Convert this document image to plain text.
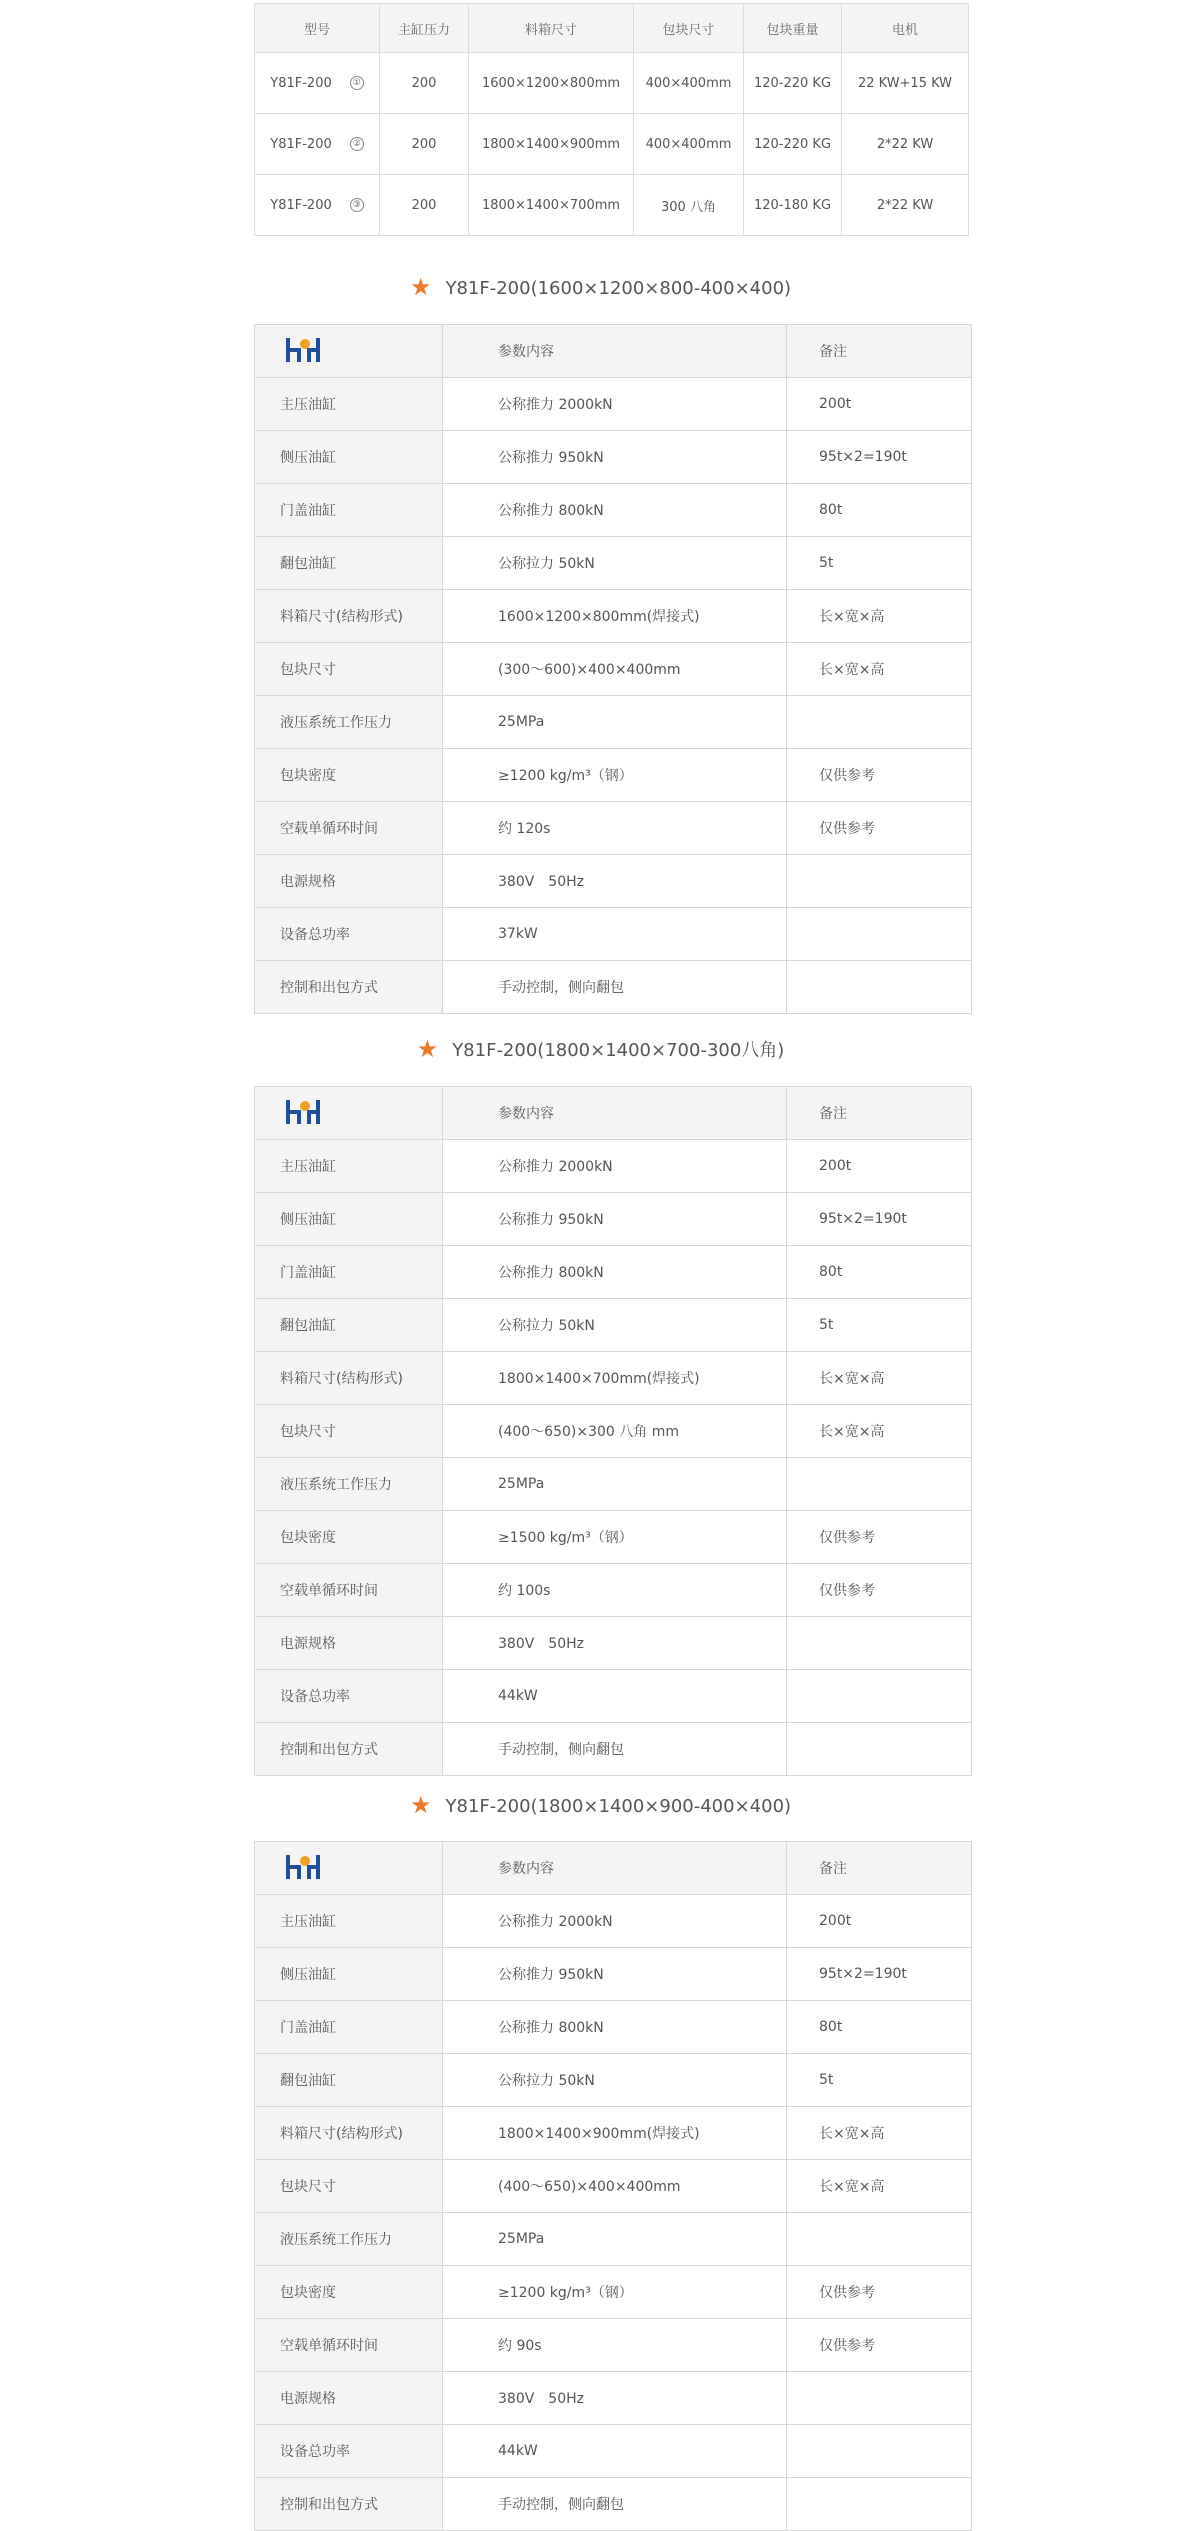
型号	主缸压力	料箱尺寸	包块尺寸	包块重量	电机
Y81F-200 ①	200	1600×1200×800mm	400×400mm	120-220 KG	22 KW+15 KW
Y81F-200 ②	200	1800×1400×900mm	400×400mm	120-220 KG	2*22 KW
Y81F-200 ③	200	1800×1400×700mm	300 八角	120-180 KG	2*22 KW
★ Y81F-200(1600×1200×800-400×400)
	参数内容	备注
主压油缸	公称推力 2000kN	200t
侧压油缸	公称推力 950kN	95t×2=190t
门盖油缸	公称推力 800kN	80t
翻包油缸	公称拉力 50kN	5t
料箱尺寸(结构形式)	1600×1200×800mm(焊接式)	长×宽×高
包块尺寸	(300～600)×400×400mm	长×宽×高
液压系统工作压力	25MPa	
包块密度	≥1200 kg/m³（钢）	仅供参考
空载单循环时间	约 120s	仅供参考
电源规格	380V　50Hz	
设备总功率	37kW	
控制和出包方式	手动控制，侧向翻包	
★ Y81F-200(1800×1400×700-300八角)
	参数内容	备注
主压油缸	公称推力 2000kN	200t
侧压油缸	公称推力 950kN	95t×2=190t
门盖油缸	公称推力 800kN	80t
翻包油缸	公称拉力 50kN	5t
料箱尺寸(结构形式)	1800×1400×700mm(焊接式)	长×宽×高
包块尺寸	(400～650)×300 八角 mm	长×宽×高
液压系统工作压力	25MPa	
包块密度	≥1500 kg/m³（钢）	仅供参考
空载单循环时间	约 100s	仅供参考
电源规格	380V　50Hz	
设备总功率	44kW	
控制和出包方式	手动控制，侧向翻包	
★ Y81F-200(1800×1400×900-400×400)
	参数内容	备注
主压油缸	公称推力 2000kN	200t
侧压油缸	公称推力 950kN	95t×2=190t
门盖油缸	公称推力 800kN	80t
翻包油缸	公称拉力 50kN	5t
料箱尺寸(结构形式)	1800×1400×900mm(焊接式)	长×宽×高
包块尺寸	(400～650)×400×400mm	长×宽×高
液压系统工作压力	25MPa	
包块密度	≥1200 kg/m³（钢）	仅供参考
空载单循环时间	约 90s	仅供参考
电源规格	380V　50Hz	
设备总功率	44kW	
控制和出包方式	手动控制，侧向翻包	
